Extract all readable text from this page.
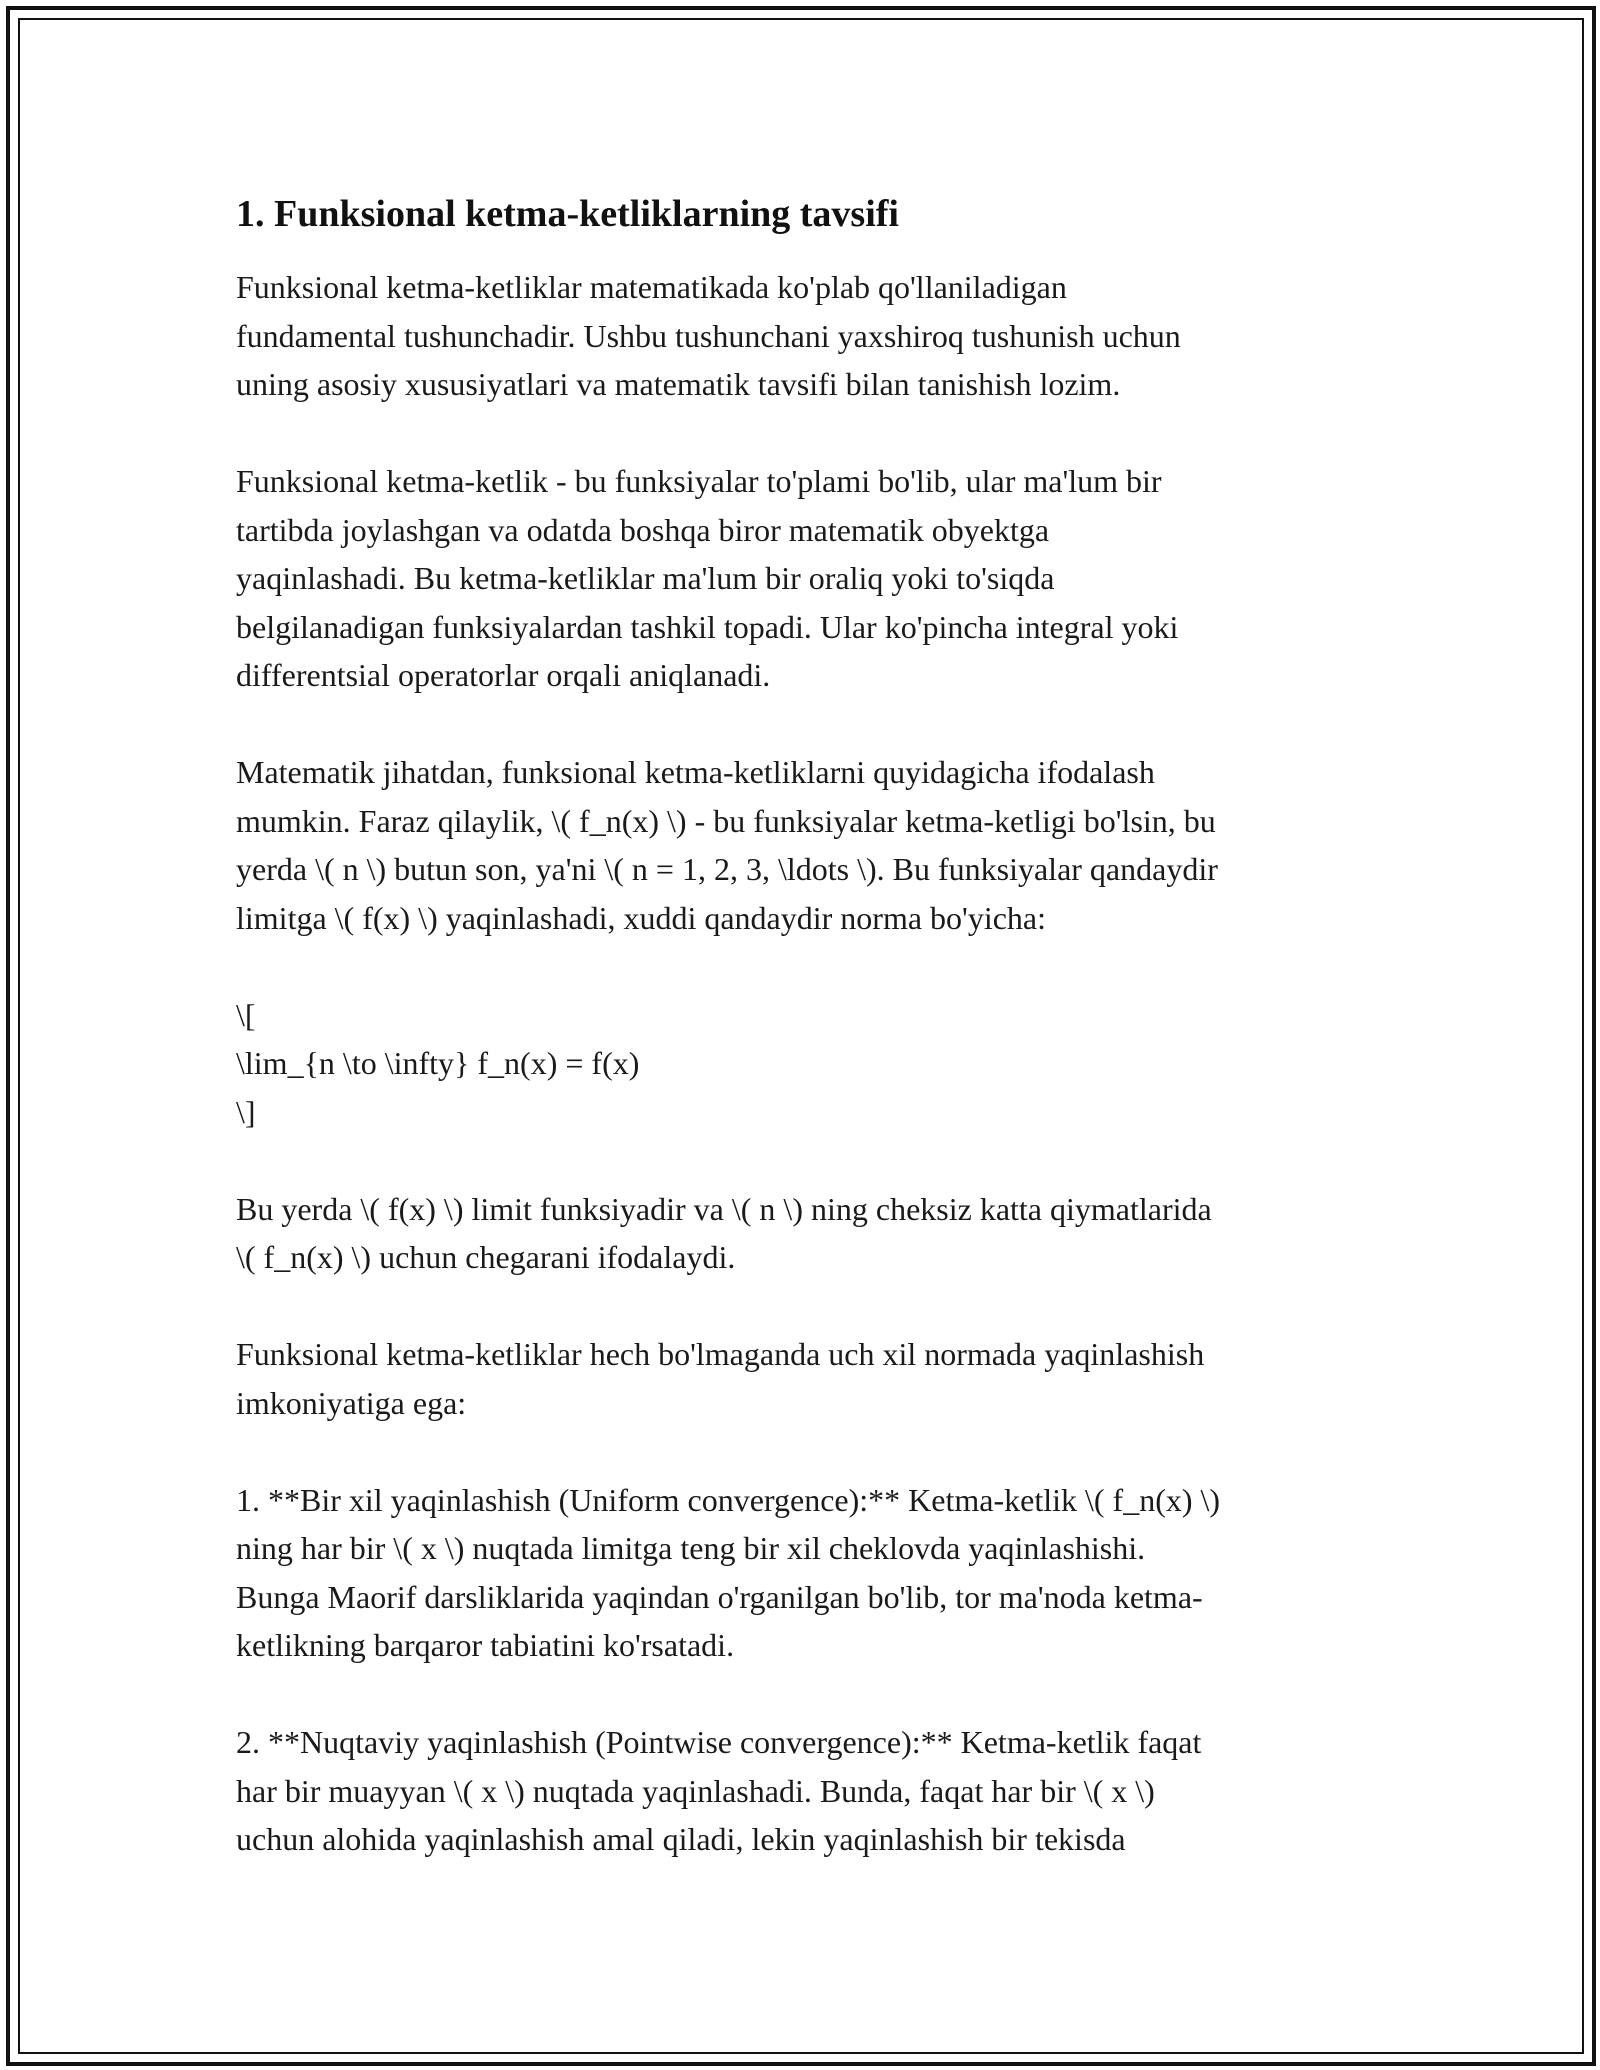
1. Funksional ketma-ketliklarning tavsifi

Funksional ketma-ketliklar matematikada ko'plab qo'llaniladigan
fundamental tushunchadir. Ushbu tushunchani yaxshiroq tushunish uchun
uning asosiy xususiyatlari va matematik tavsifi bilan tanishish lozim.

Funksional ketma-ketlik - bu funksiyalar to'plami bo'lib, ular ma'lum bir
tartibda joylashgan va odatda boshqa biror matematik obyektga
yaqinlashadi. Bu ketma-ketliklar ma'lum bir oraliq yoki to'siqda
belgilanadigan funksiyalardan tashkil topadi. Ular ko'pincha integral yoki
differentsial operatorlar orqali aniqlanadi.

Matematik jihatdan, funksional ketma-ketliklarni quyidagicha ifodalash
mumkin. Faraz qilaylik, \( f_n(x) \) - bu funksiyalar ketma-ketligi bo'lsin, bu
yerda \( n \) butun son, ya'ni \( n = 1, 2, 3, \ldots \). Bu funksiyalar qandaydir
limitga \( f(x) \) yaqinlashadi, xuddi qandaydir norma bo'yicha:

\[
\lim_{n \to \infty} f_n(x) = f(x)
\]

Bu yerda \( f(x) \) limit funksiyadir va \( n \) ning cheksiz katta qiymatlarida
\( f_n(x) \) uchun chegarani ifodalaydi.

Funksional ketma-ketliklar hech bo'lmaganda uch xil normada yaqinlashish
imkoniyatiga ega:

1. **Bir xil yaqinlashish (Uniform convergence):** Ketma-ketlik \( f_n(x) \)
ning har bir \( x \) nuqtada limitga teng bir xil cheklovda yaqinlashishi.
Bunga Maorif darsliklarida yaqindan o'rganilgan bo'lib, tor ma'noda ketma-
ketlikning barqaror tabiatini ko'rsatadi.

2. **Nuqtaviy yaqinlashish (Pointwise convergence):** Ketma-ketlik faqat
har bir muayyan \( x \) nuqtada yaqinlashadi. Bunda, faqat har bir \( x \)
uchun alohida yaqinlashish amal qiladi, lekin yaqinlashish bir tekisda
